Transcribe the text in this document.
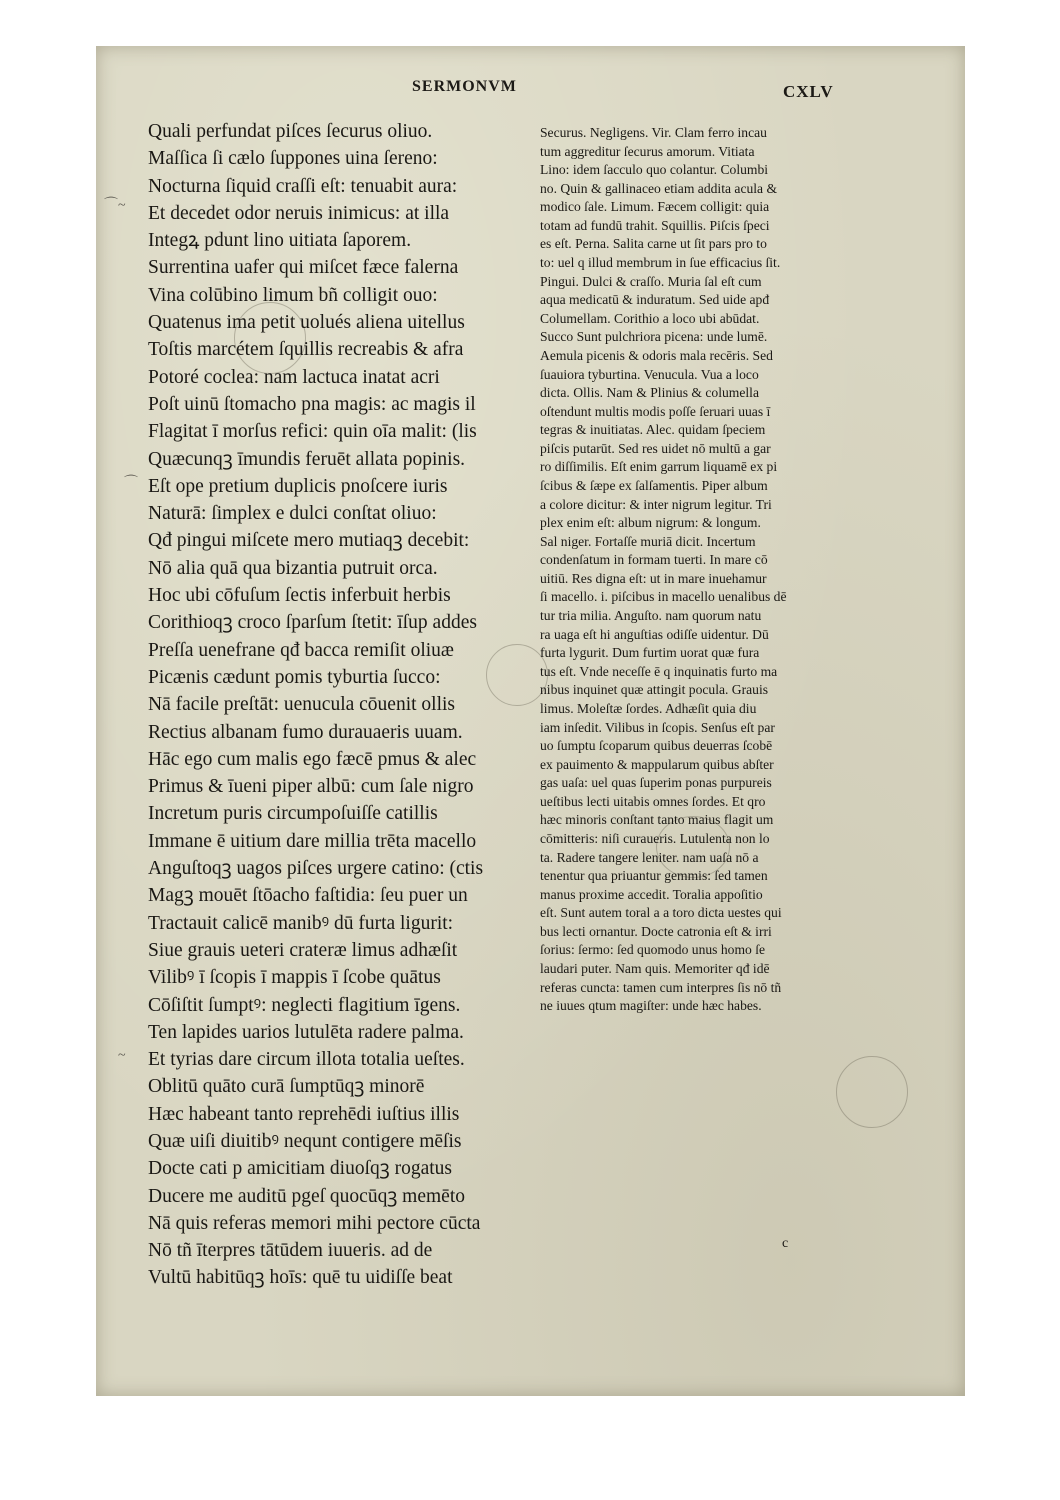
SERMONVM	CXLV
⌒~
⌒
~
Quali perfundat piſces ſecurus oliuo.
Maſſica ſi cælo ſuppones uina ſereno:
Nocturna ſiquid craſſi eſt: tenuabit aura:
Et decedet odor neruis inimicus: at illa
Integꝝ pdunt lino uitiata ſaporem.
Surrentina uafer qui miſcet fæce falerna
Vina colūbino limum bñ colligit ouo:
Quatenus ima petit uolués aliena uitellus
Toſtis marcétem ſquillis recreabis & afra
Potoré coclea: nam lactuca inatat acri
Poſt uinū ſtomacho pna magis: ac magis il
Flagitat ī morſus refici: quin oīa malit: (lis
Quæcunqꝫ īmundis feruēt allata popinis.
Eſt ope pretium duplicis pnoſcere iuris
Naturā: ſimplex e dulci conſtat oliuo:
Qđ pingui miſcete mero mutiaqꝫ decebit:
Nō alia quā qua bizantia putruit orca.
Hoc ubi cōfuſum ſectis inferbuit herbis
Corithioqꝫ croco ſparſum ſtetit: īſup addes
Preſſa uenefrane qđ bacca remiſit oliuæ
Picænis cædunt pomis tyburtia ſucco:
Nā facile preſtāt: uenucula cōuenit ollis
Rectius albanam fumo durauaeris uuam.
Hāc ego cum malis ego fæcē pmus & alec
Primus & īueni piper albū: cum ſale nigro
Incretum puris circumpoſuiſſe catillis
Immane ē uitium dare millia trēta macello
Anguſtoqꝫ uagos piſces urgere catino: (ctis
Magꝫ mouēt ſtōacho faſtidia: ſeu puer un
Tractauit calicē manibꝰ dū furta ligurit:
Siue grauis ueteri crateræ limus adhæſit
Vilibꝰ ī ſcopis ī mappis ī ſcobe quātus
Cōſiſtit ſumptꝰ: neglecti flagitium īgens.
Ten lapides uarios lutulēta radere palma.
Et tyrias dare circum illota totalia ueſtes.
Oblitū quāto curā ſumptūqꝫ minorē
Hæc habeant tanto reprehēdi iuſtius illis
Quæ uiſi diuitibꝰ nequnt contigere mēſis
Docte cati p amicitiam diuoſqꝫ rogatus
Ducere me auditū pgeſ quocūqꝫ memēto
Nā quis referas memori mihi pectore cūcta
Nō tñ īterpres tātūdem iuueris. ad de
Vultū habitūqꝫ hoīs: quē tu uidiſſe beat
Securus. Negligens. Vir. Clam ferro incau
tum aggreditur ſecurus amorum. Vitiata
Lino: idem ſacculo quo colantur. Columbi
no. Quin & gallinaceo etiam addita acula &
modico ſale. Limum. Fæcem colligit: quia
totam ad fundū trahit. Squillis. Piſcis ſpeci
es eſt. Perna. Salita carne ut ſit pars pro to
to: uel q illud membrum in ſue efficacius ſit.
Pingui. Dulci & craſſo. Muria ſal eſt cum
aqua medicatū & induratum. Sed uide apđ
Columellam. Corithio a loco ubi abūdat.
Succo Sunt pulchriora picena: unde lumē.
Aemula picenis & odoris mala recēris. Sed
ſuauiora tyburtina. Venucula. Vua a loco
dicta. Ollis. Nam & Plinius & columella
oſtendunt multis modis poſſe ſeruari uuas ī
tegras & inuitiatas. Alec. quidam ſpeciem
piſcis putarūt. Sed res uidet nō multū a gar
ro diſſimilis. Eſt enim garrum liquamē ex pi
ſcibus & ſæpe ex ſalſamentis. Piper album
a colore dicitur: & inter nigrum legitur. Tri
plex enim eſt: album nigrum: & longum.
Sal niger. Fortaſſe muriā dicit. Incertum
condenſatum in formam tuerti. In mare cō
uitiū. Res digna eſt: ut in mare inuehamur
ſi macello. i. piſcibus in macello uenalibus dē
tur tria milia. Anguſto. nam quorum natu
ra uaga eſt hi anguſtias odiſſe uidentur. Dū
furta lygurit. Dum furtim uorat quæ fura
tus eſt. Vnde neceſſe ē q inquinatis furto ma
nibus inquinet quæ attingit pocula. Grauis
limus. Moleſtæ ſordes. Adhæſit quia diu
iam inſedit. Vilibus in ſcopis. Senſus eſt par
uo ſumptu ſcoparum quibus deuerras ſcobē
ex pauimento & mappularum quibus abſter
gas uaſa: uel quas ſuperim ponas purpureis
ueſtibus lecti uitabis omnes ſordes. Et qro
hæc minoris conſtant tanto maius flagit um
cōmitteris: niſi curaueris. Lutulenta non lo
ta. Radere tangere leniter. nam uaſa nō a
tenentur qua priuantur gemmis: ſed tamen
manus proxime accedit. Toralia appoſitio
eſt. Sunt autem toral a a toro dicta uestes qui
bus lecti ornantur. Docte catronia eſt & irri
ſorius: ſermo: ſed quomodo unus homo ſe
laudari puter. Nam quis. Memoriter qđ idē
referas cuncta: tamen cum interpres ſis nō tñ
ne iuues qtum magiſter: unde hæc habes.
c
